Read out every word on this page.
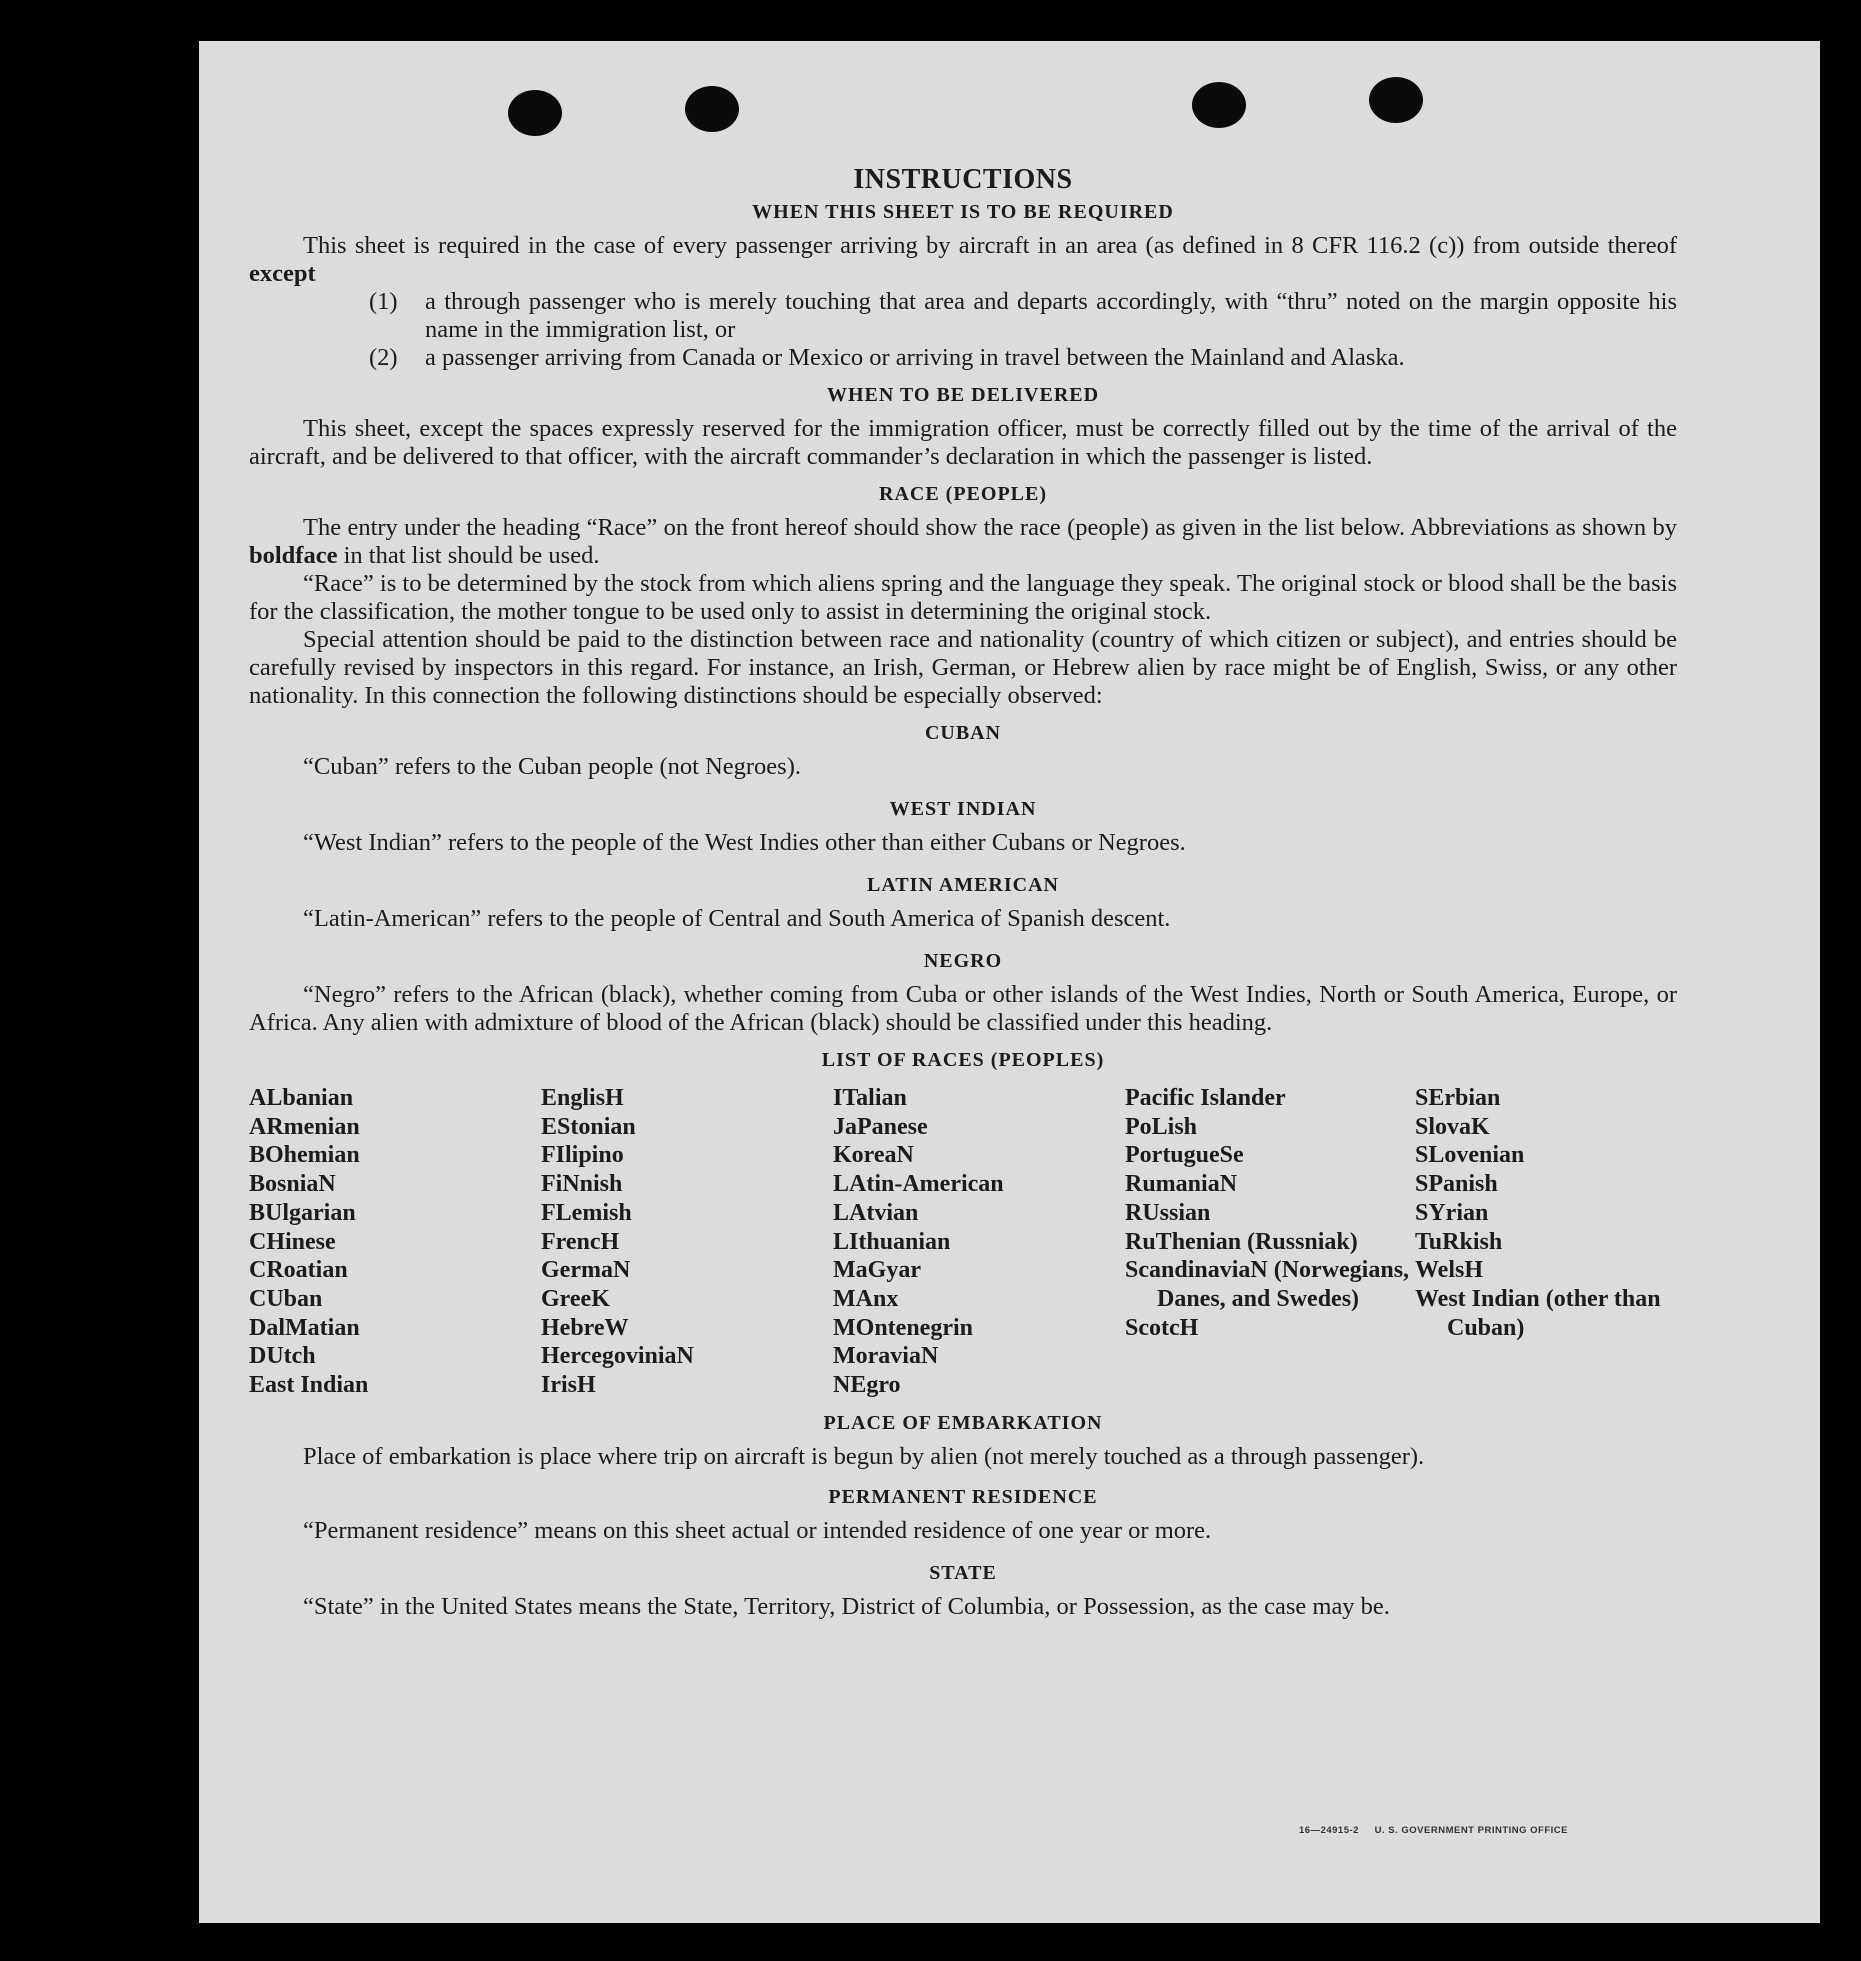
INSTRUCTIONS
WHEN THIS SHEET IS TO BE REQUIRED

This sheet is required in the case of every passenger arriving by aircraft in an area (as defined in 8 CFR 116.2 (c)) from outside thereof except

(1)	a through passenger who is merely touching that area and departs accordingly, with “thru” noted on the margin opposite his name in the immigration list, or
(2)	a passenger arriving from Canada or Mexico or arriving in travel between the Mainland and Alaska.
WHEN TO BE DELIVERED

This sheet, except the spaces expressly reserved for the immigration officer, must be correctly filled out by the time of the arrival of the aircraft, and be delivered to that officer, with the aircraft commander’s declaration in which the passenger is listed.

RACE (PEOPLE)

The entry under the heading “Race” on the front hereof should show the race (people) as given in the list below. Abbreviations as shown by boldface in that list should be used.

“Race” is to be determined by the stock from which aliens spring and the language they speak. The original stock or blood shall be the basis for the classification, the mother tongue to be used only to assist in determining the original stock.

Special attention should be paid to the distinction between race and nationality (country of which citizen or subject), and entries should be carefully revised by inspectors in this regard. For instance, an Irish, German, or Hebrew alien by race might be of English, Swiss, or any other nationality. In this connection the following distinctions should be especially observed:

CUBAN

“Cuban” refers to the Cuban people (not Negroes).

WEST INDIAN

“West Indian” refers to the people of the West Indies other than either Cubans or Negroes.

LATIN AMERICAN

“Latin-American” refers to the people of Central and South America of Spanish descent.

NEGRO

“Negro” refers to the African (black), whether coming from Cuba or other islands of the West Indies, North or South America, Europe, or Africa. Any alien with admixture of blood of the African (black) should be classified under this heading.

LIST OF RACES (PEOPLES)
ALbanian
ARmenian
BOhemian
BosniaN
BUlgarian
CHinese
CRoatian
CUban
DalMatian
DUtch
East Indian
EnglisH
EStonian
FIlipino
FiNnish
FLemish
FrencH
GermaN
GreeK
HebreW
HercegoviniaN
IrisH
ITalian
JaPanese
KoreaN
LAtin-American
LAtvian
LIthuanian
MaGyar
MAnx
MOntenegrin
MoraviaN
NEgro
Pacific Islander
PoLish
PortugueSe
RumaniaN
RUssian
RuThenian (Russniak)
ScandinaviaN (Norwegians, Danes, and Swedes)
ScotcH
SErbian
SlovaK
SLovenian
SPanish
SYrian
TuRkish
WelsH
West Indian (other than Cuban)
PLACE OF EMBARKATION

Place of embarkation is place where trip on aircraft is begun by alien (not merely touched as a through passenger).

PERMANENT RESIDENCE

“Permanent residence” means on this sheet actual or intended residence of one year or more.

STATE

“State” in the United States means the State, Territory, District of Columbia, or Possession, as the case may be.

16—24915-2 U. S. GOVERNMENT PRINTING OFFICE
